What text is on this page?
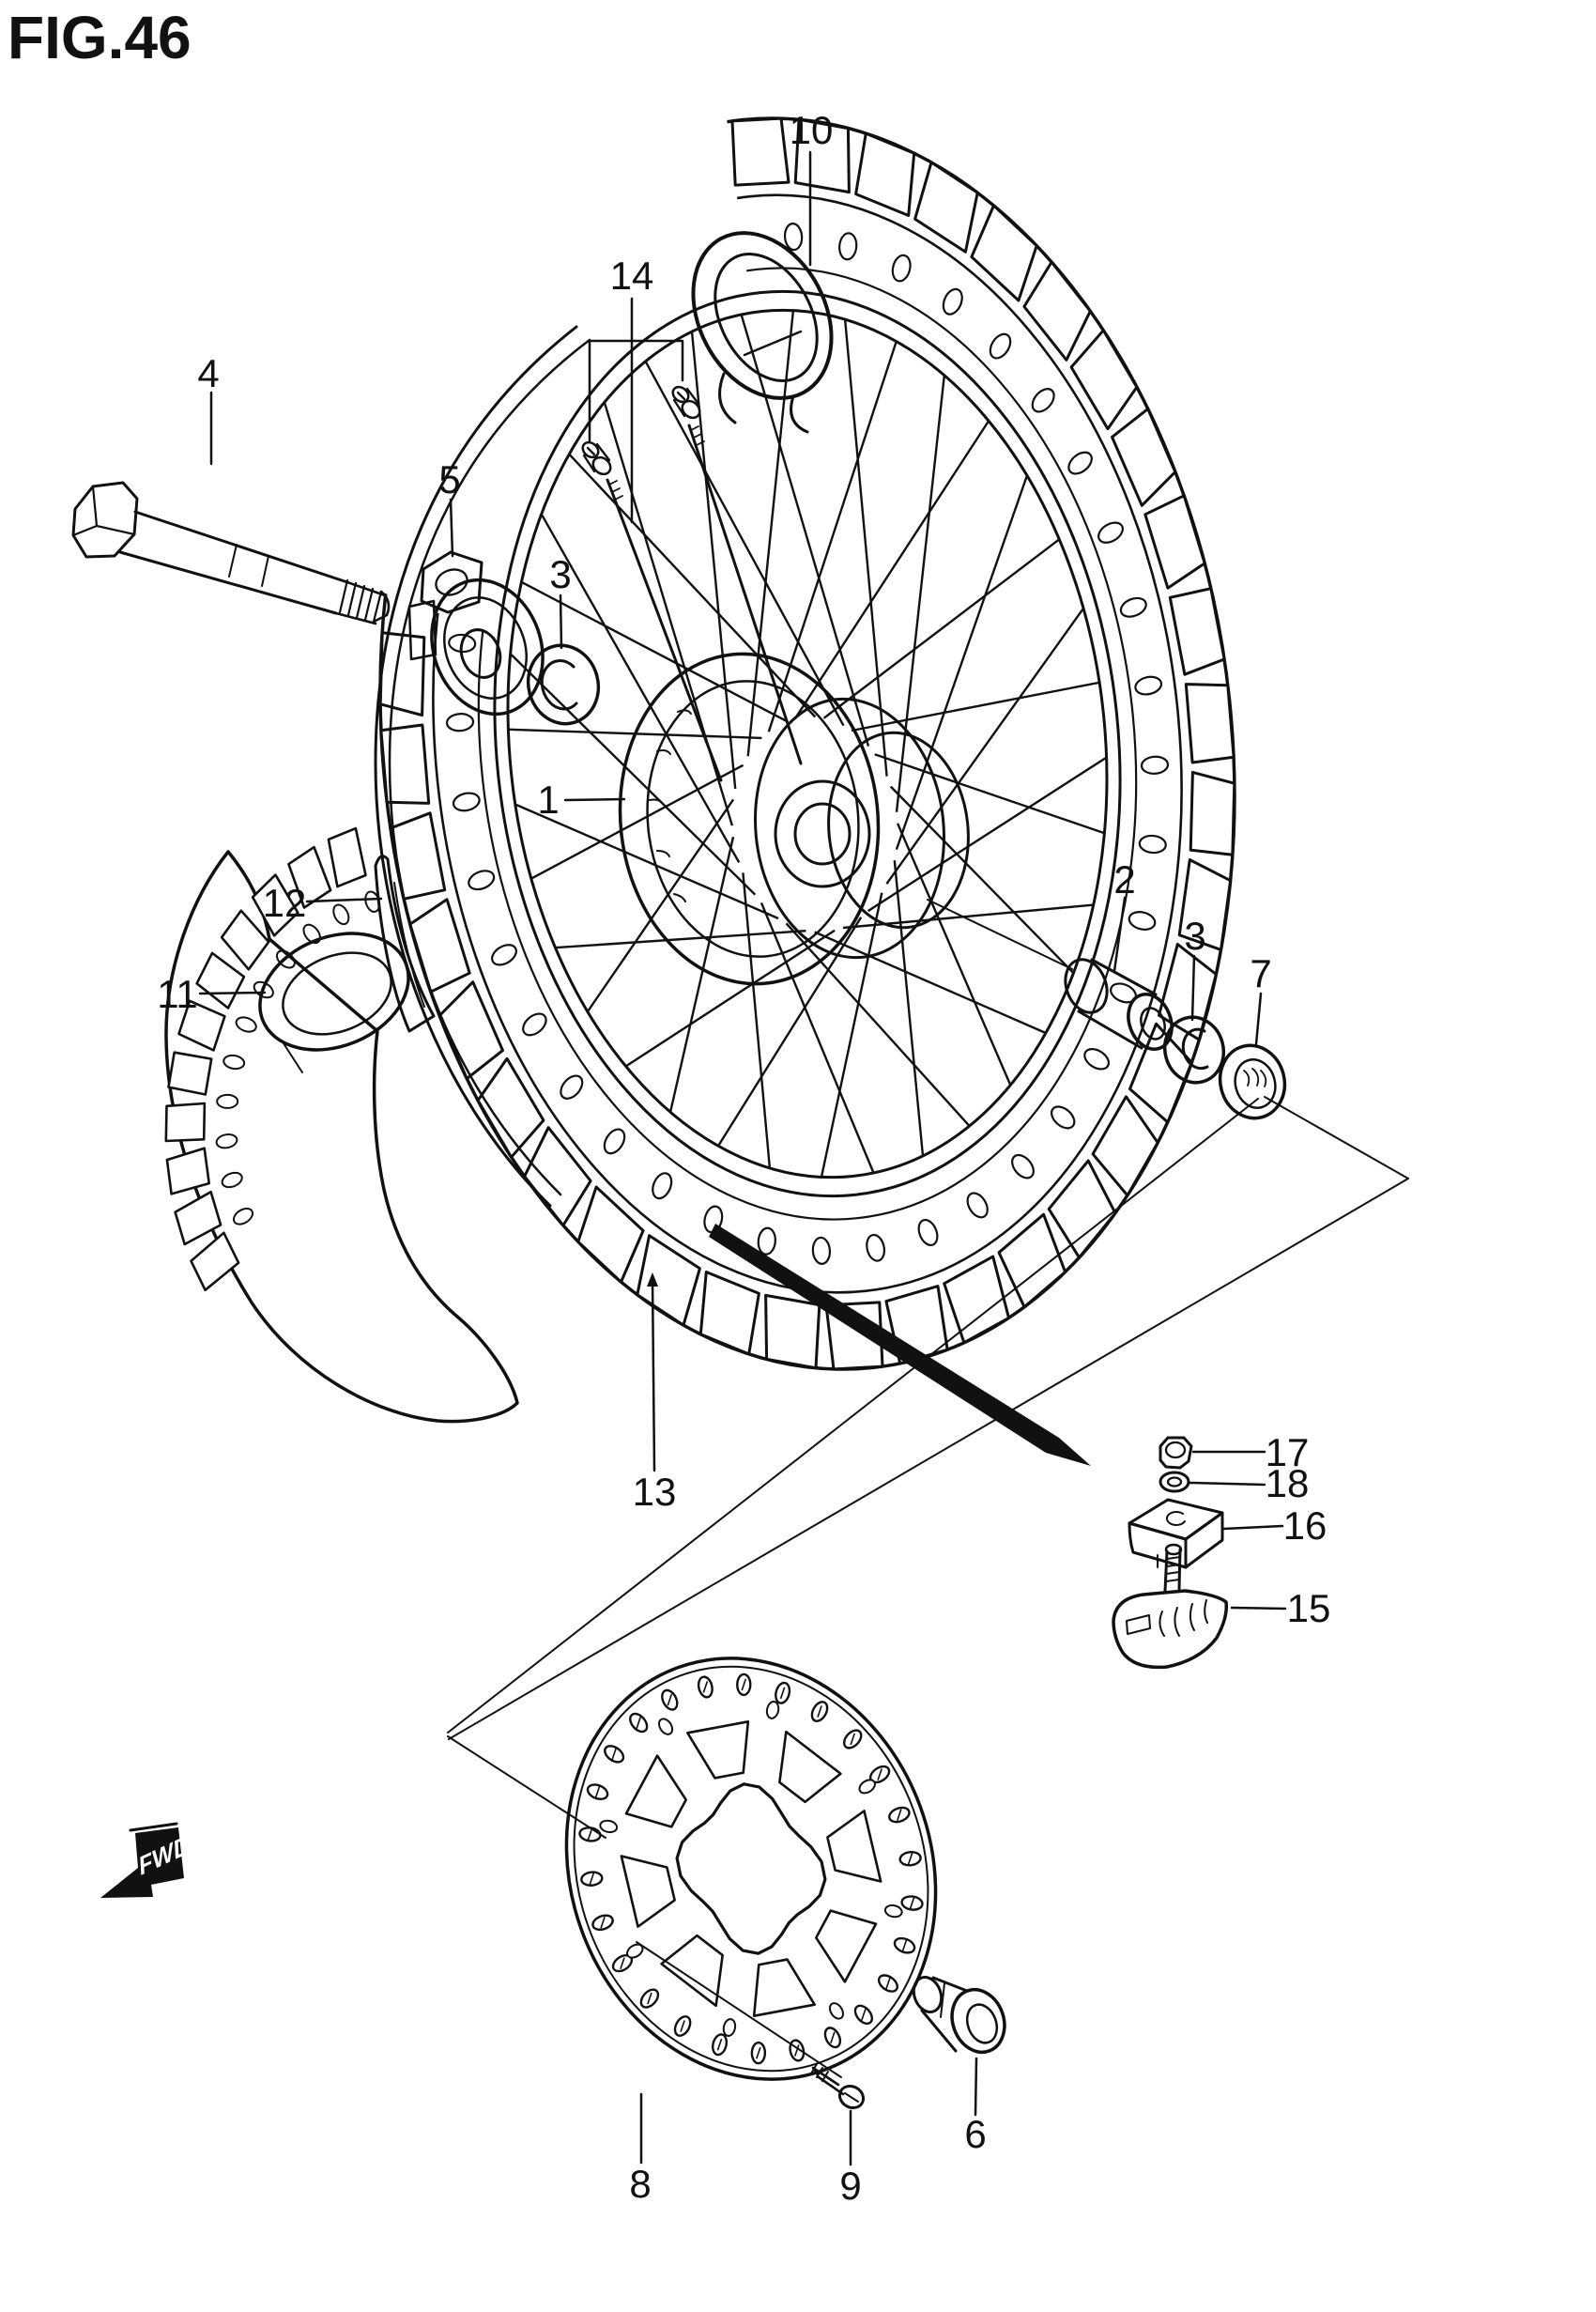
1
2
3
3
4
5
6
7
8	9
10
11
12
13
14
15
16
17
18
FIG.46
FWD
